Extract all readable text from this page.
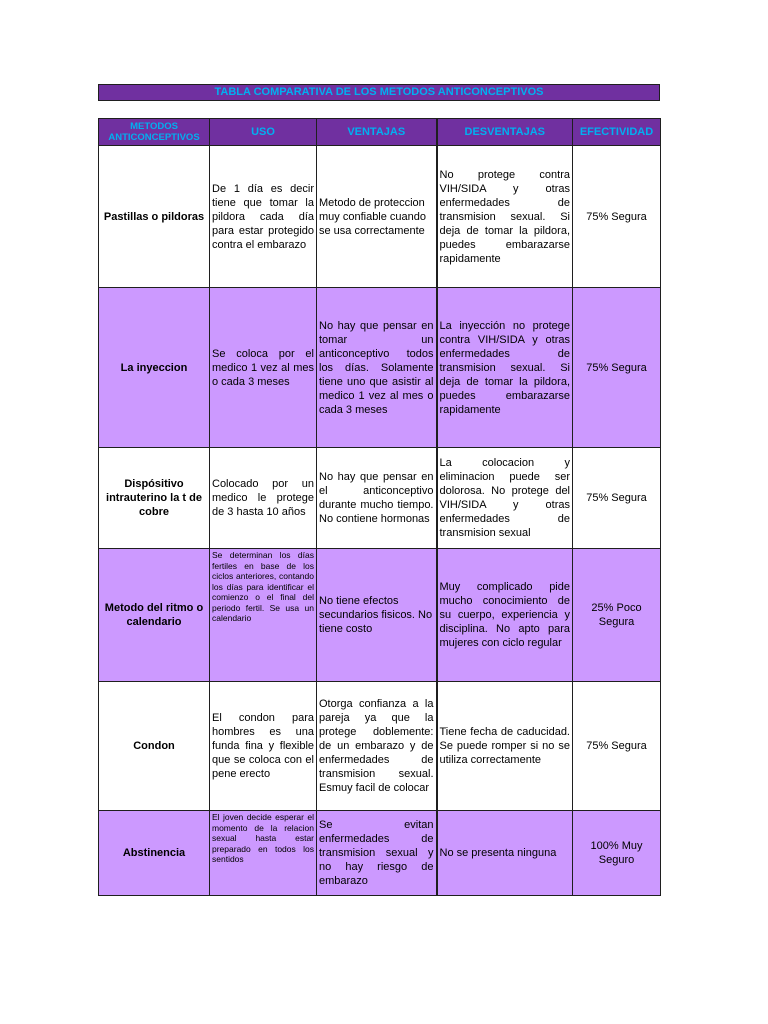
TABLA COMPARATIVA DE LOS METODOS ANTICONCEPTIVOS
METODOS ANTICONCEPTIVOS	USO	VENTAJAS	DESVENTAJAS	EFECTIVIDAD
Pastillas o pildoras	De 1 día es decir tiene que tomar la pildora cada día para estar protegido contra el embarazo	Metodo de proteccion muy confiable cuando se usa correctamente	No protege contra VIH/SIDA y otras enfermedades de transmision sexual. Si deja de tomar la pildora, puedes embarazarse rapidamente	75% Segura
La inyeccion	Se coloca por el medico 1 vez al mes o cada 3 meses	No hay que pensar en tomar un anticonceptivo todos los días. Solamente tiene uno que asistir al medico 1 vez al mes o cada 3 meses	La inyección no protege contra VIH/SIDA y otras enfermedades de transmision sexual. Si deja de tomar la pildora, puedes embarazarse rapidamente	75% Segura
Dispósitivo intrauterino la t de cobre	Colocado por un medico le protege de 3 hasta 10 años	No hay que pensar en el anticonceptivo durante mucho tiempo. No contiene hormonas	La colocacion y eliminacion puede ser dolorosa. No protege del VIH/SIDA y otras enfermedades de transmision sexual	75% Segura
Metodo del ritmo o calendario	Se determinan los días fertiles en base de los ciclos anteriores, contando los días para identificar el comienzo o el final del periodo fertil. Se usa un calendario	No tiene efectos secundarios fisicos. No tiene costo	Muy complicado pide mucho conocimiento de su cuerpo, experiencia y disciplina. No apto para mujeres con ciclo regular	25% Poco Segura
Condon	El condon para hombres es una funda fina y flexible que se coloca con el pene erecto	Otorga confianza a la pareja ya que la protege doblemente: de un embarazo y de enfermedades de transmision sexual. Esmuy facil de colocar	Tiene fecha de caducidad. Se puede romper si no se utiliza correctamente	75% Segura
Abstinencia	El joven decide esperar el momento de la relacion sexual hasta estar preparado en todos los sentidos	Se evitan enfermedades de transmision sexual y no hay riesgo de embarazo	No se presenta ninguna	100% Muy Seguro
